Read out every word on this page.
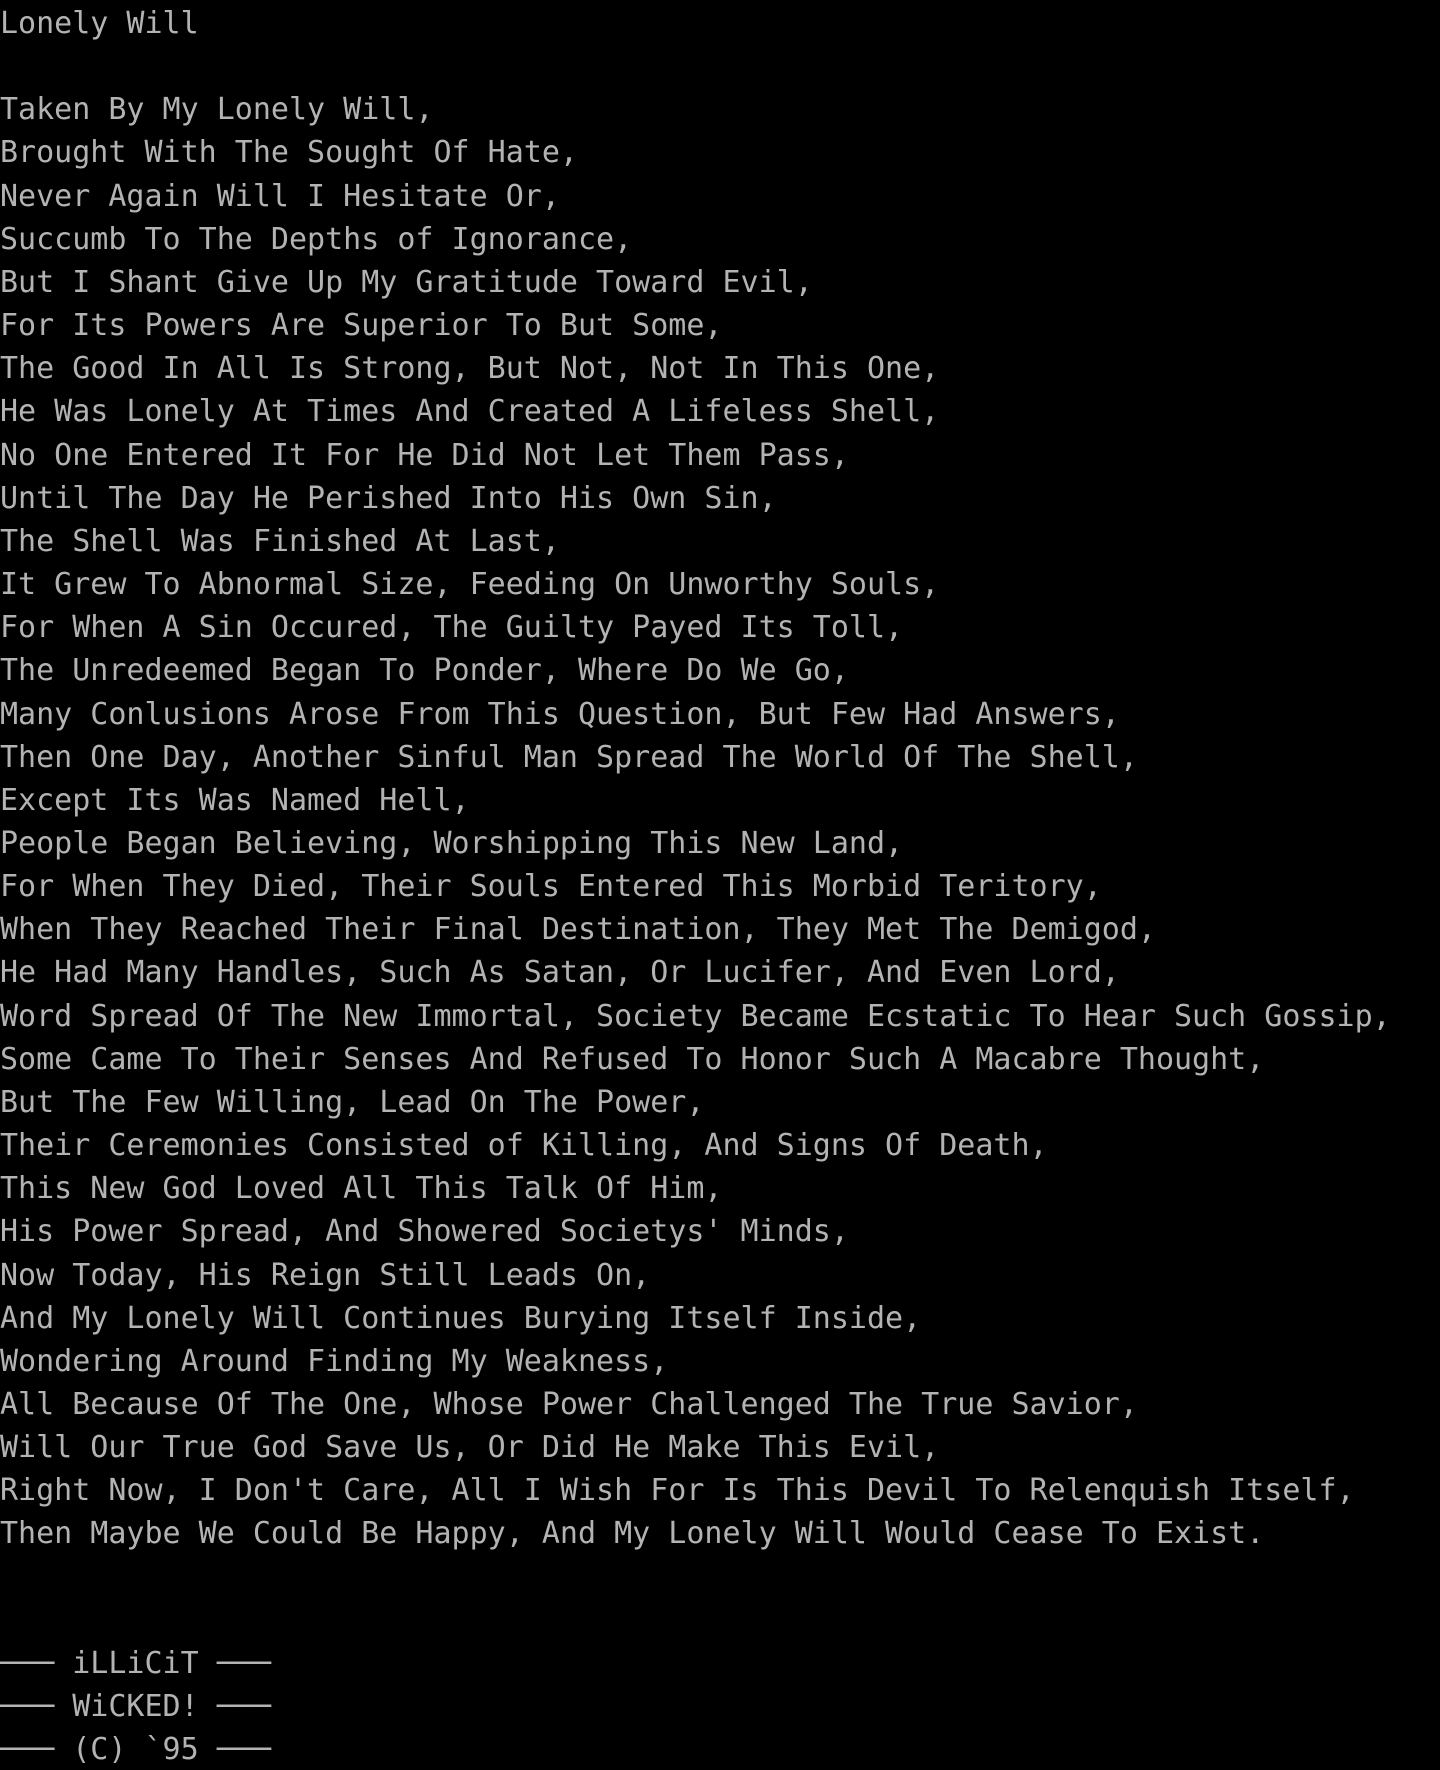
Lonely Will
Taken By My Lonely Will,
Brought With The Sought Of Hate,
Never Again Will I Hesitate Or,
Succumb To The Depths of Ignorance,
But I Shant Give Up My Gratitude Toward Evil,
For Its Powers Are Superior To But Some,
The Good In All Is Strong, But Not, Not In This One,
He Was Lonely At Times And Created A Lifeless Shell,
No One Entered It For He Did Not Let Them Pass,
Until The Day He Perished Into His Own Sin,
The Shell Was Finished At Last,
It Grew To Abnormal Size, Feeding On Unworthy Souls,
For When A Sin Occured, The Guilty Payed Its Toll,
The Unredeemed Began To Ponder, Where Do We Go,
Many Conlusions Arose From This Question, But Few Had Answers,
Then One Day, Another Sinful Man Spread The World Of The Shell,
Except Its Was Named Hell,
People Began Believing, Worshipping This New Land,
For When They Died, Their Souls Entered This Morbid Teritory,
When They Reached Their Final Destination, They Met The Demigod,
He Had Many Handles, Such As Satan, Or Lucifer, And Even Lord,
Word Spread Of The New Immortal, Society Became Ecstatic To Hear Such Gossip,
Some Came To Their Senses And Refused To Honor Such A Macabre Thought,
But The Few Willing, Lead On The Power,
Their Ceremonies Consisted of Killing, And Signs Of Death,
This New God Loved All This Talk Of Him,
His Power Spread, And Showered Societys' Minds,
Now Today, His Reign Still Leads On,
And My Lonely Will Continues Burying Itself Inside,
Wondering Around Finding My Weakness,
All Because Of The One, Whose Power Challenged The True Savior,
Will Our True God Save Us, Or Did He Make This Evil,
Right Now, I Don't Care, All I Wish For Is This Devil To Relenquish Itself,
Then Maybe We Could Be Happy, And My Lonely Will Would Cease To Exist.
─── iLLiCiT ───
─── WiCKED! ───
─── (C) `95 ───
